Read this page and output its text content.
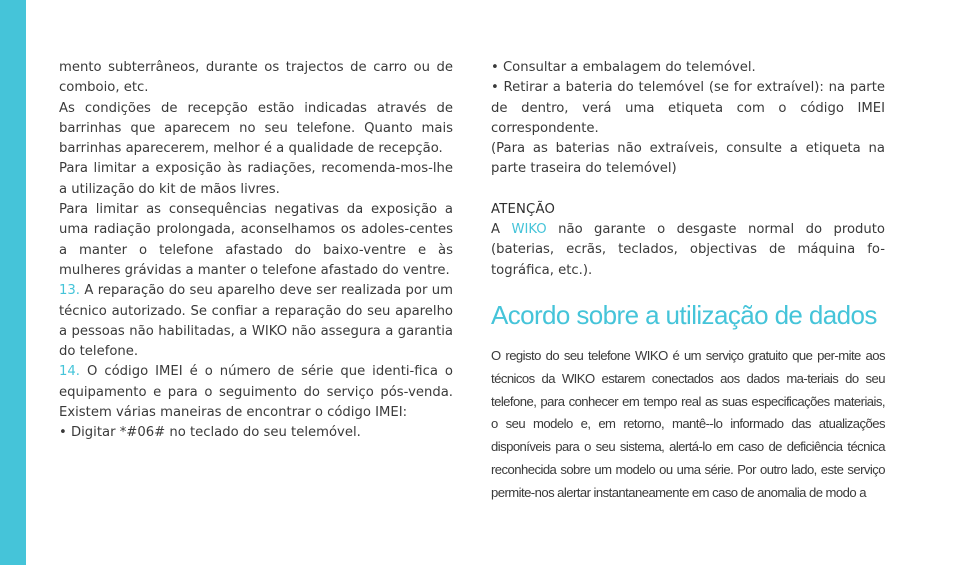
mento subterrâneos, durante os trajectos de carro ou de comboio, etc.

As condições de recepção estão indicadas através de barrinhas que aparecem no seu telefone. Quanto mais barrinhas aparecerem, melhor é a qualidade de recepção.

Para limitar a exposição às radiações, recomenda-mos-lhe a utilização do kit de mãos livres.

Para limitar as consequências negativas da exposição a uma radiação prolongada, aconselhamos os adoles-centes a manter o telefone afastado do baixo-ventre e às mulheres grávidas a manter o telefone afastado do ventre.

13. A reparação do seu aparelho deve ser realizada por um técnico autorizado. Se confiar a reparação do seu aparelho a pessoas não habilitadas, a WIKO não assegura a garantia do telefone.

14. O código IMEI é o número de série que identi-fica o equipamento e para o seguimento do serviço pós-venda. Existem várias maneiras de encontrar o código IMEI:

• Digitar *#06# no teclado do seu telemóvel.

• Consultar a embalagem do telemóvel.

• Retirar a bateria do telemóvel (se for extraível): na parte de dentro, verá uma etiqueta com o código IMEI correspondente.

(Para as baterias não extraíveis, consulte a etiqueta na parte traseira do telemóvel)

ATENÇÃO

A WIKO não garante o desgaste normal do produto (baterias, ecrãs, teclados, objectivas de máquina fo-tográfica, etc.).

Acordo sobre a utilização de dados

O registo do seu telefone WIKO é um serviço gratuito que per-mite aos técnicos da WIKO estarem conectados aos dados ma-teriais do seu telefone, para conhecer em tempo real as suas especificações materiais, o seu modelo e, em retorno, mantê--lo informado das atualizações disponíveis para o seu sistema, alertá-lo em caso de deficiência técnica reconhecida sobre um modelo ou uma série. Por outro lado, este serviço permite-nos alertar instantaneamente em caso de anomalia de modo a
